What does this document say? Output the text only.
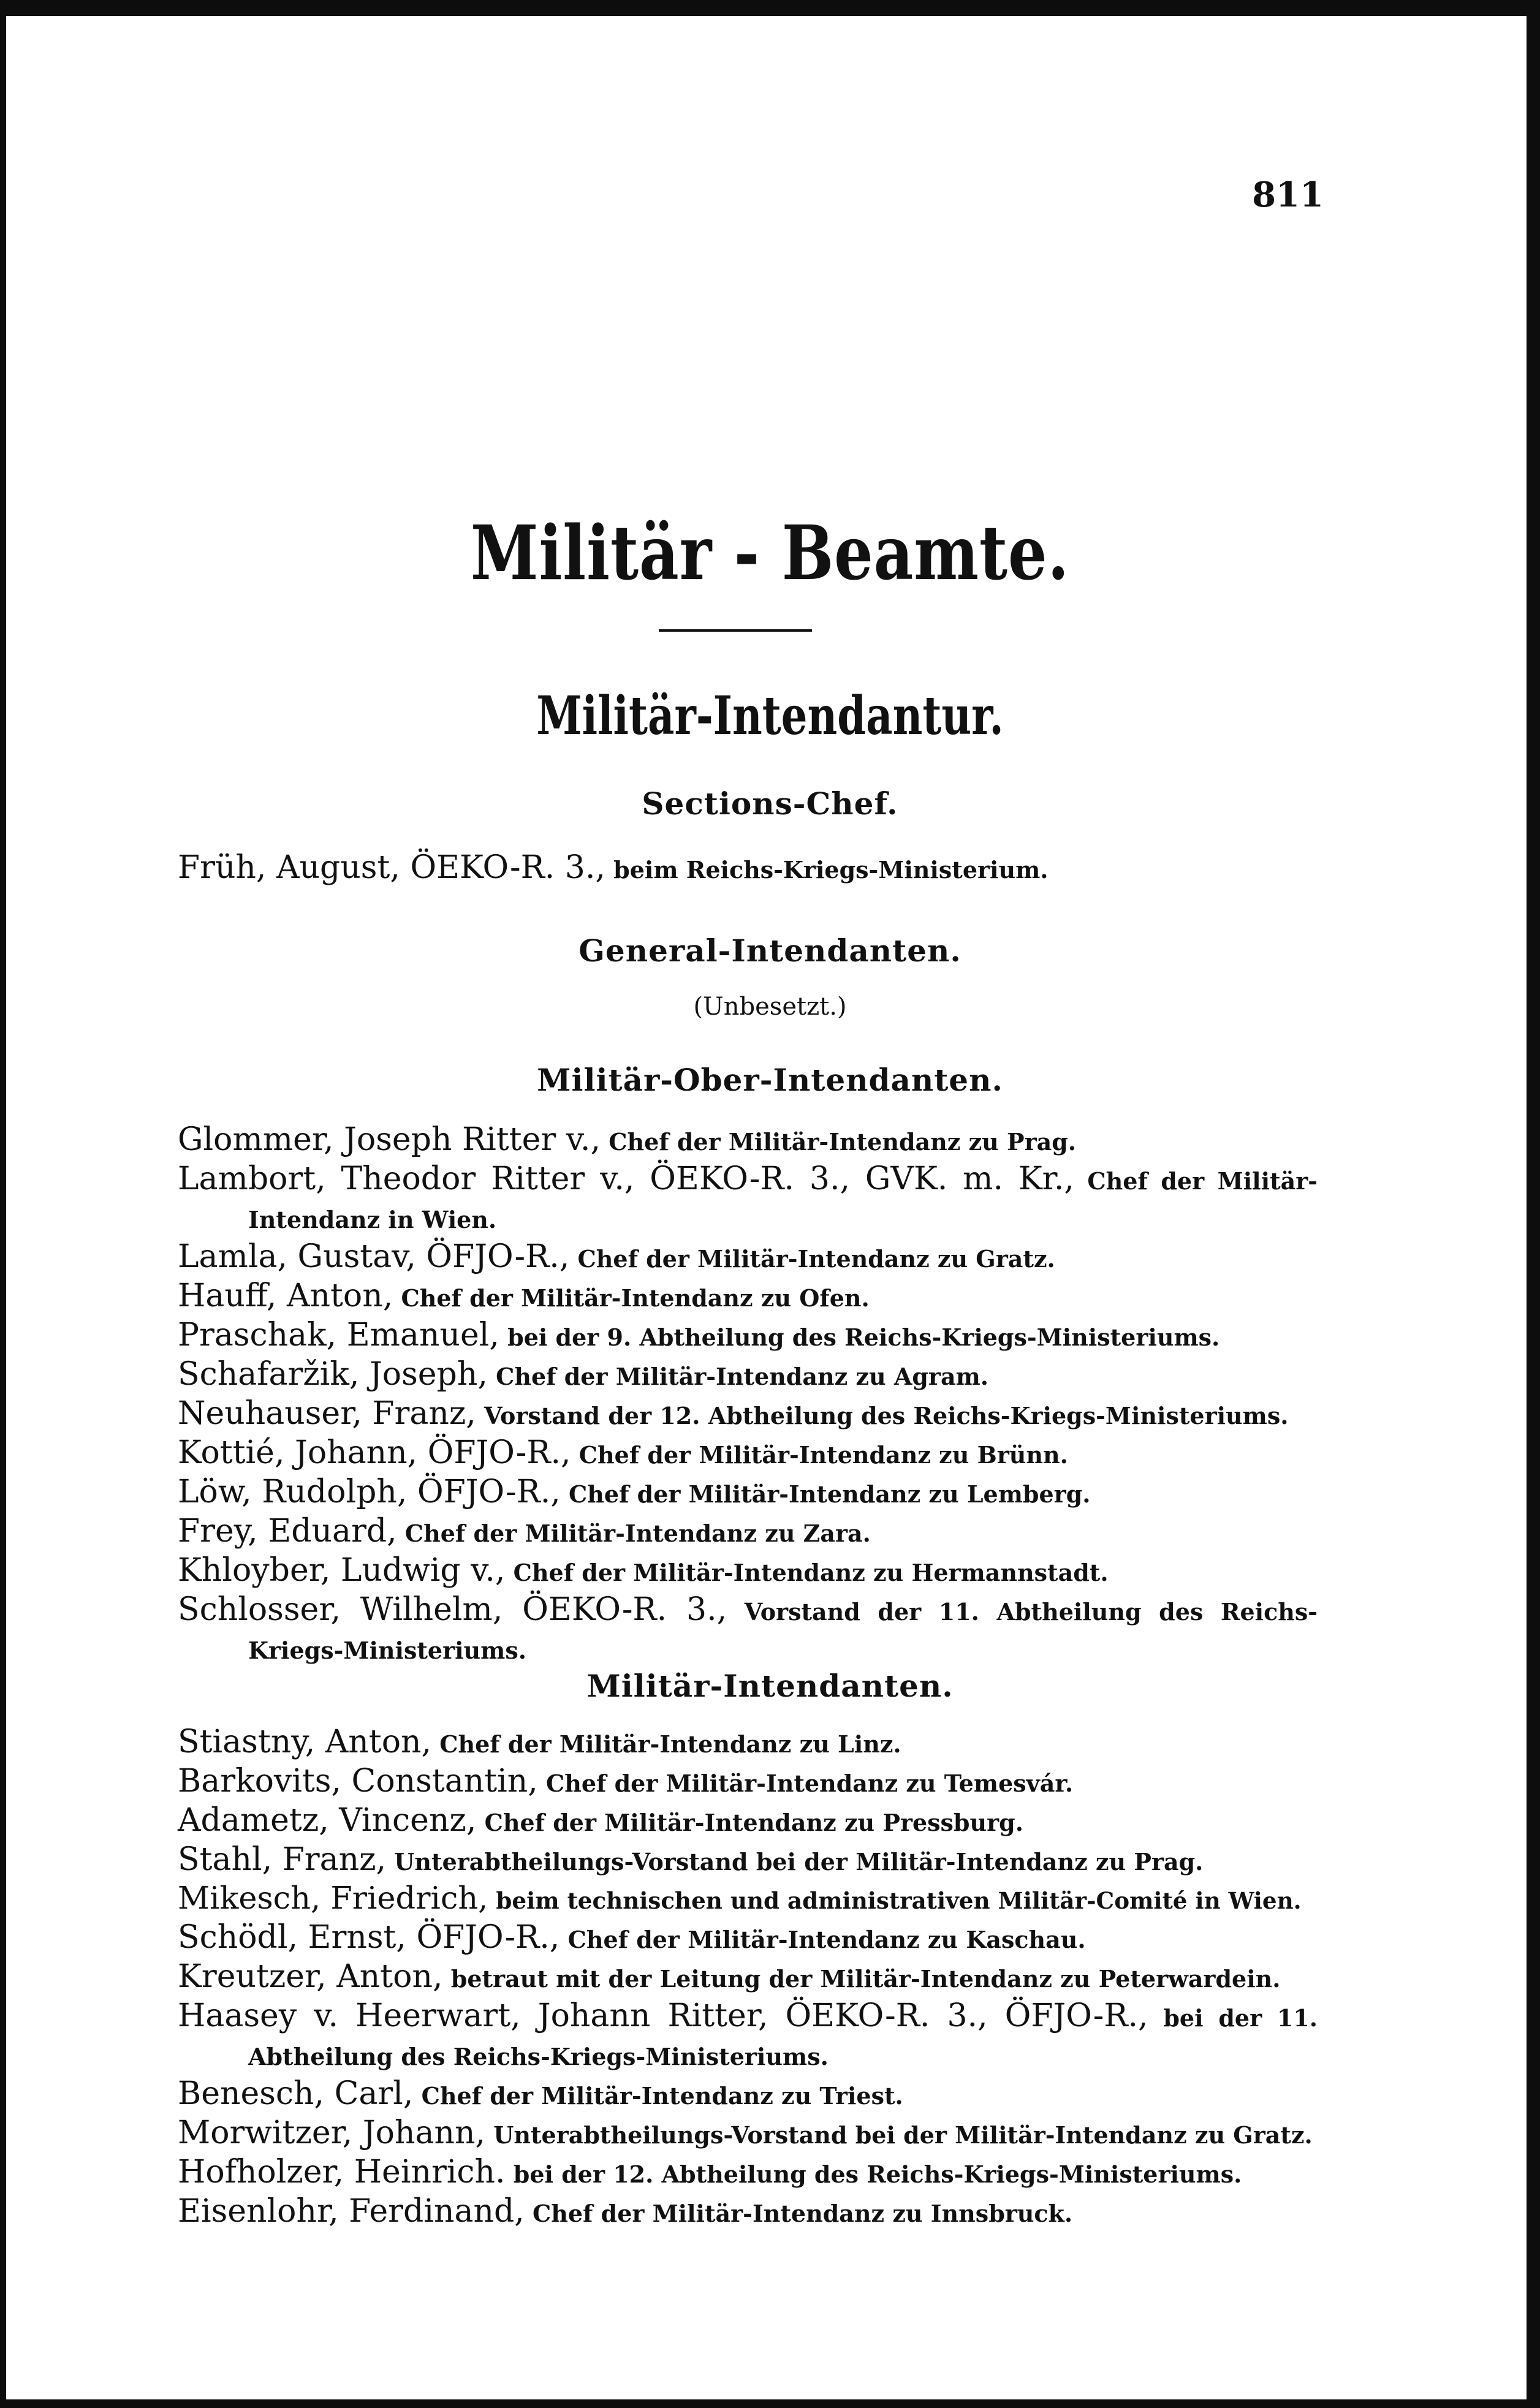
811
Militär - Beamte.
Militär-Intendantur.
Sections-Chef.
Früh, August, ÖEKO-R. 3., beim Reichs-Kriegs-Ministerium.
General-Intendanten.
(Unbesetzt.)
Militär-Ober-Intendanten.
Glommer, Joseph Ritter v., Chef der Militär-Intendanz zu Prag.
Lambort, Theodor Ritter v., ÖEKO-R. 3., GVK. m. Kr., Chef der Militär-Intendanz in Wien.
Lamla, Gustav, ÖFJO-R., Chef der Militär-Intendanz zu Gratz.
Hauff, Anton, Chef der Militär-Intendanz zu Ofen.
Praschak, Emanuel, bei der 9. Abtheilung des Reichs-Kriegs-Ministeriums.
Schafaržik, Joseph, Chef der Militär-Intendanz zu Agram.
Neuhauser, Franz, Vorstand der 12. Abtheilung des Reichs-Kriegs-Ministeriums.
Kottié, Johann, ÖFJO-R., Chef der Militär-Intendanz zu Brünn.
Löw, Rudolph, ÖFJO-R., Chef der Militär-Intendanz zu Lemberg.
Frey, Eduard, Chef der Militär-Intendanz zu Zara.
Khloyber, Ludwig v., Chef der Militär-Intendanz zu Hermannstadt.
Schlosser, Wilhelm, ÖEKO-R. 3., Vorstand der 11. Abtheilung des Reichs-Kriegs-Ministeriums.
Militär-Intendanten.
Stiastny, Anton, Chef der Militär-Intendanz zu Linz.
Barkovits, Constantin, Chef der Militär-Intendanz zu Temesvár.
Adametz, Vincenz, Chef der Militär-Intendanz zu Pressburg.
Stahl, Franz, Unterabtheilungs-Vorstand bei der Militär-Intendanz zu Prag.
Mikesch, Friedrich, beim technischen und administrativen Militär-Comité in Wien.
Schödl, Ernst, ÖFJO-R., Chef der Militär-Intendanz zu Kaschau.
Kreutzer, Anton, betraut mit der Leitung der Militär-Intendanz zu Peterwardein.
Haasey v. Heerwart, Johann Ritter, ÖEKO-R. 3., ÖFJO-R., bei der 11. Abtheilung des Reichs-Kriegs-Ministeriums.
Benesch, Carl, Chef der Militär-Intendanz zu Triest.
Morwitzer, Johann, Unterabtheilungs-Vorstand bei der Militär-Intendanz zu Gratz.
Hofholzer, Heinrich. bei der 12. Abtheilung des Reichs-Kriegs-Ministeriums.
Eisenlohr, Ferdinand, Chef der Militär-Intendanz zu Innsbruck.
